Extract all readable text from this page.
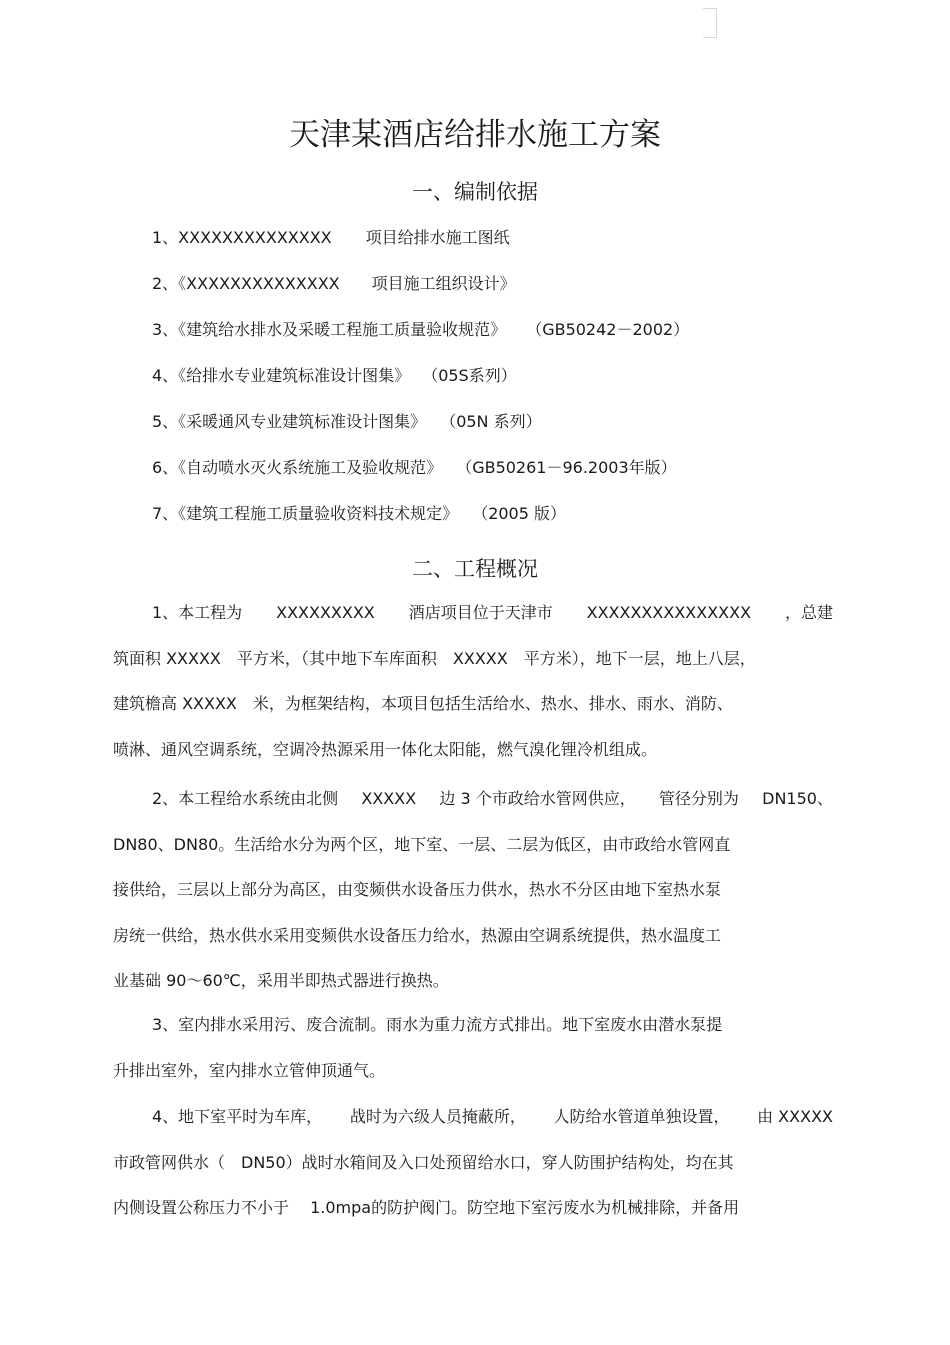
天津某酒店给排水施工方案
一、编制依据
1、XXXXXXXXXXXXXX 项目给排水施工图纸
2、《XXXXXXXXXXXXXX 项目施工组织设计》
3、《建筑给水排水及采暖工程施工质量验收规范》 （GB50242－2002）
4、《给排水专业建筑标准设计图集》 （05S系列）
5、《采暖通风专业建筑标准设计图集》 （05N 系列）
6、《自动喷水灭火系统施工及验收规范》 （GB50261－96.2003年版）
7、《建筑工程施工质量验收资料技术规定》 （2005 版）
二、工程概况
1、本工程为 XXXXXXXXX 酒店项目位于天津市 XXXXXXXXXXXXXXX ，总建
筑面积 XXXXX　平方米，（其中地下车库面积　XXXXX　平方米），地下一层，地上八层，
建筑檐高 XXXXX　米，为框架结构，本项目包括生活给水、热水、排水、雨水、消防、
喷淋、通风空调系统，空调冷热源采用一体化太阳能，燃气溴化锂冷机组成。
2、本工程给水系统由北侧 XXXXX 边 3 个市政给水管网供应， 管径分别为 DN150、
DN80、DN80。生活给水分为两个区，地下室、一层、二层为低区，由市政给水管网直
接供给，三层以上部分为高区，由变频供水设备压力供水，热水不分区由地下室热水泵
房统一供给，热水供水采用变频供水设备压力给水，热源由空调系统提供，热水温度工
业基础 90～60℃，采用半即热式器进行换热。
3、室内排水采用污、废合流制。雨水为重力流方式排出。地下室废水由潜水泵提
升排出室外，室内排水立管伸顶通气。
4、地下室平时为车库， 战时为六级人员掩蔽所， 人防给水管道单独设置， 由 XXXXX
市政管网供水（　DN50）战时水箱间及入口处预留给水口，穿人防围护结构处，均在其
内侧设置公称压力不小于　 1.0mpa的防护阀门。防空地下室污废水为机械排除，并备用
